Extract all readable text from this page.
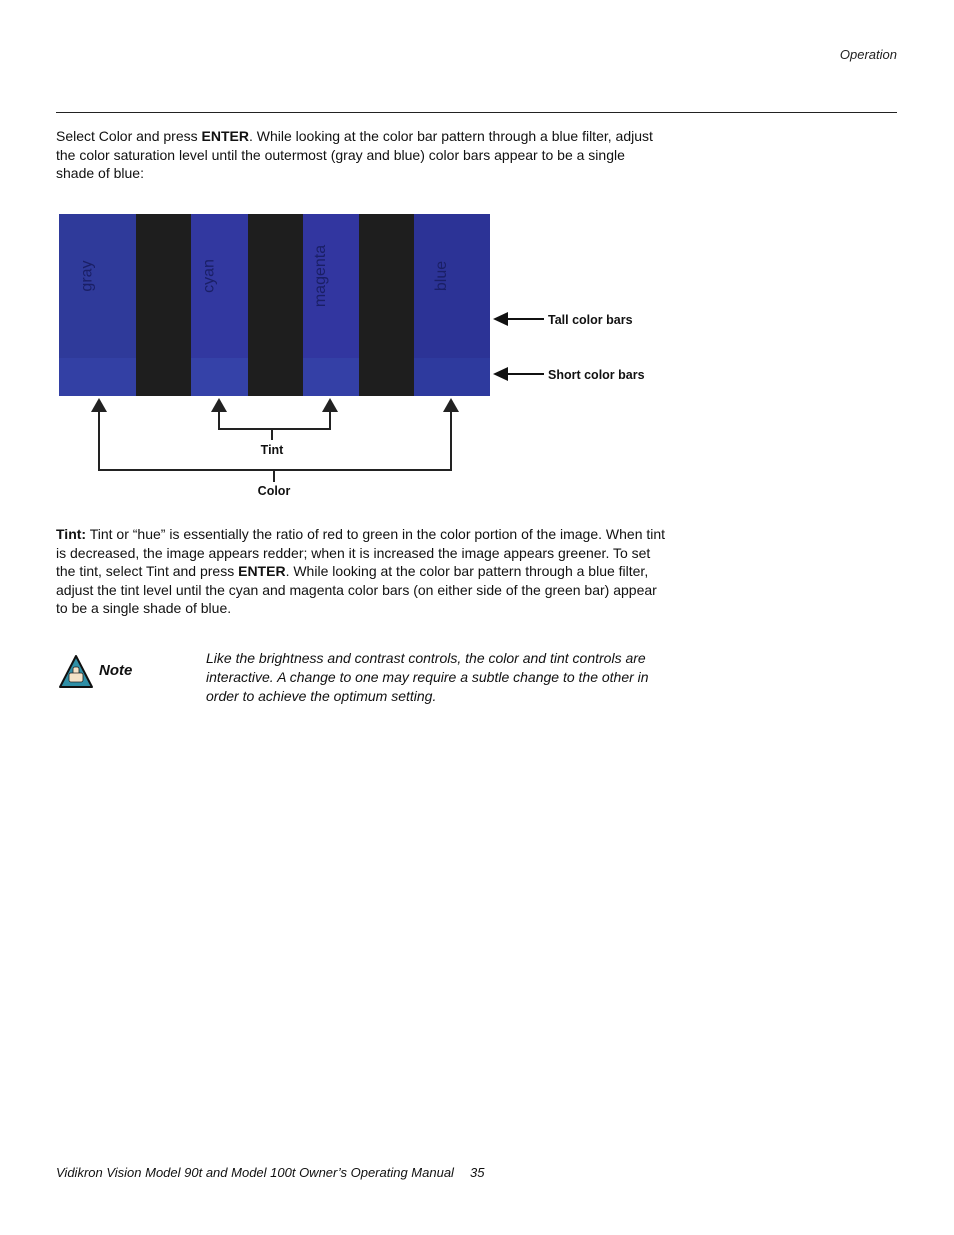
Operation

Select Color and press ENTER. While looking at the color bar pattern through a blue filter, adjust the color saturation level until the outermost (gray and blue) color bars appear to be a single shade of blue:

gray	cyan	magenta	blue
Tall color bars
Short color bars
Tint
Color

Tint: Tint or “hue” is essentially the ratio of red to green in the color portion of the image. When tint is decreased, the image appears redder; when it is increased the image appears greener. To set the tint, select Tint and press ENTER. While looking at the color bar pattern through a blue filter, adjust the tint level until the cyan and magenta color bars (on either side of the green bar) appear to be a single shade of blue.

Note
Like the brightness and contrast controls, the color and tint controls are interactive. A change to one may require a subtle change to the other in order to achieve the optimum setting.
Vidikron Vision Model 90t and Model 100t Owner’s Operating Manual 35
